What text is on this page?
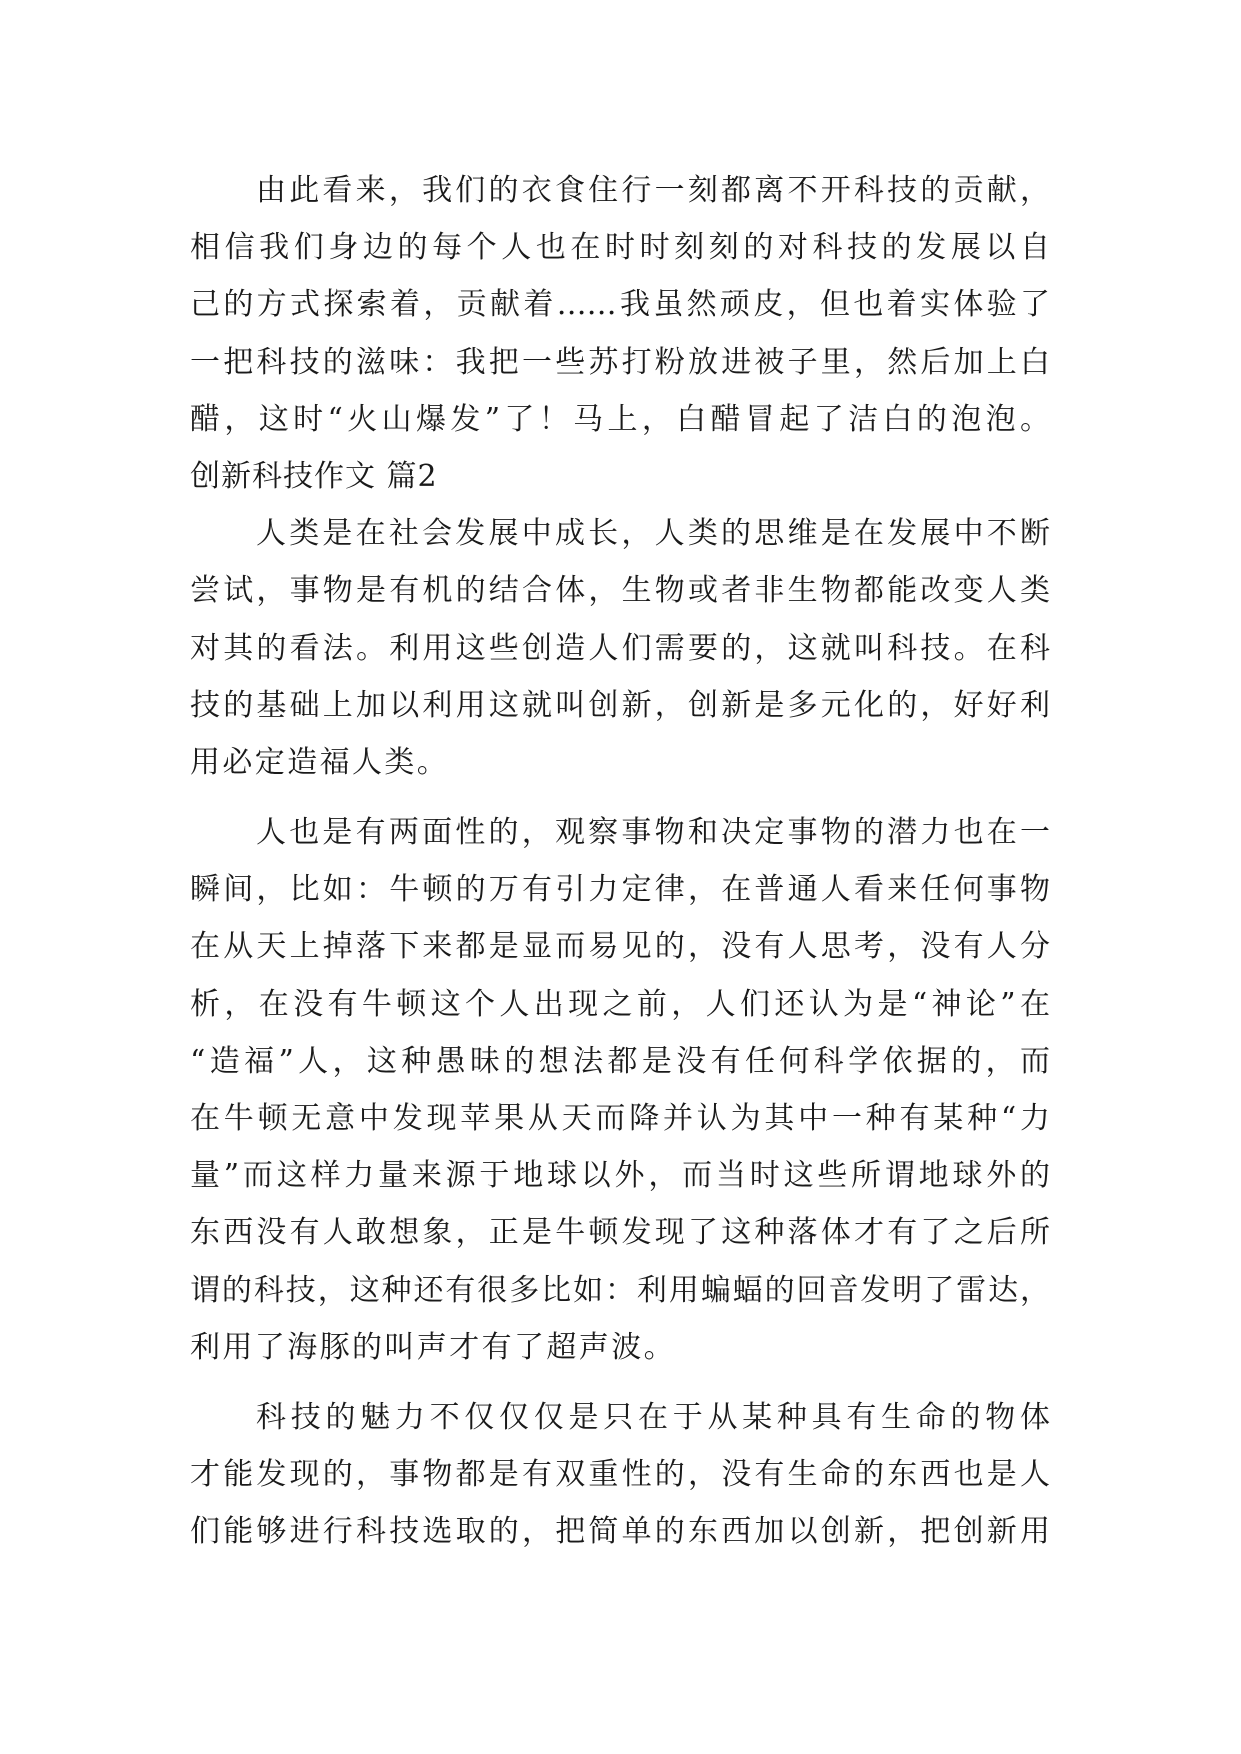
由此看来，我们的衣食住行一刻都离不开科技的贡献，
相信我们身边的每个人也在时时刻刻的对科技的发展以自
己的方式探索着，贡献着……我虽然顽皮，但也着实体验了
一把科技的滋味：我把一些苏打粉放进被子里，然后加上白
醋，这时“火山爆发”了！马上，白醋冒起了洁白的泡泡。
创新科技作文 篇2
人类是在社会发展中成长，人类的思维是在发展中不断
尝试，事物是有机的结合体，生物或者非生物都能改变人类
对其的看法。利用这些创造人们需要的，这就叫科技。在科
技的基础上加以利用这就叫创新，创新是多元化的，好好利
用必定造福人类。
人也是有两面性的，观察事物和决定事物的潜力也在一
瞬间，比如：牛顿的万有引力定律，在普通人看来任何事物
在从天上掉落下来都是显而易见的，没有人思考，没有人分
析，在没有牛顿这个人出现之前，人们还认为是“神论”在
“造福”人，这种愚昧的想法都是没有任何科学依据的，而
在牛顿无意中发现苹果从天而降并认为其中一种有某种“力
量”而这样力量来源于地球以外，而当时这些所谓地球外的
东西没有人敢想象，正是牛顿发现了这种落体才有了之后所
谓的科技，这种还有很多比如：利用蝙蝠的回音发明了雷达，
利用了海豚的叫声才有了超声波。
科技的魅力不仅仅仅是只在于从某种具有生命的物体
才能发现的，事物都是有双重性的，没有生命的东西也是人
们能够进行科技选取的，把简单的东西加以创新，把创新用
